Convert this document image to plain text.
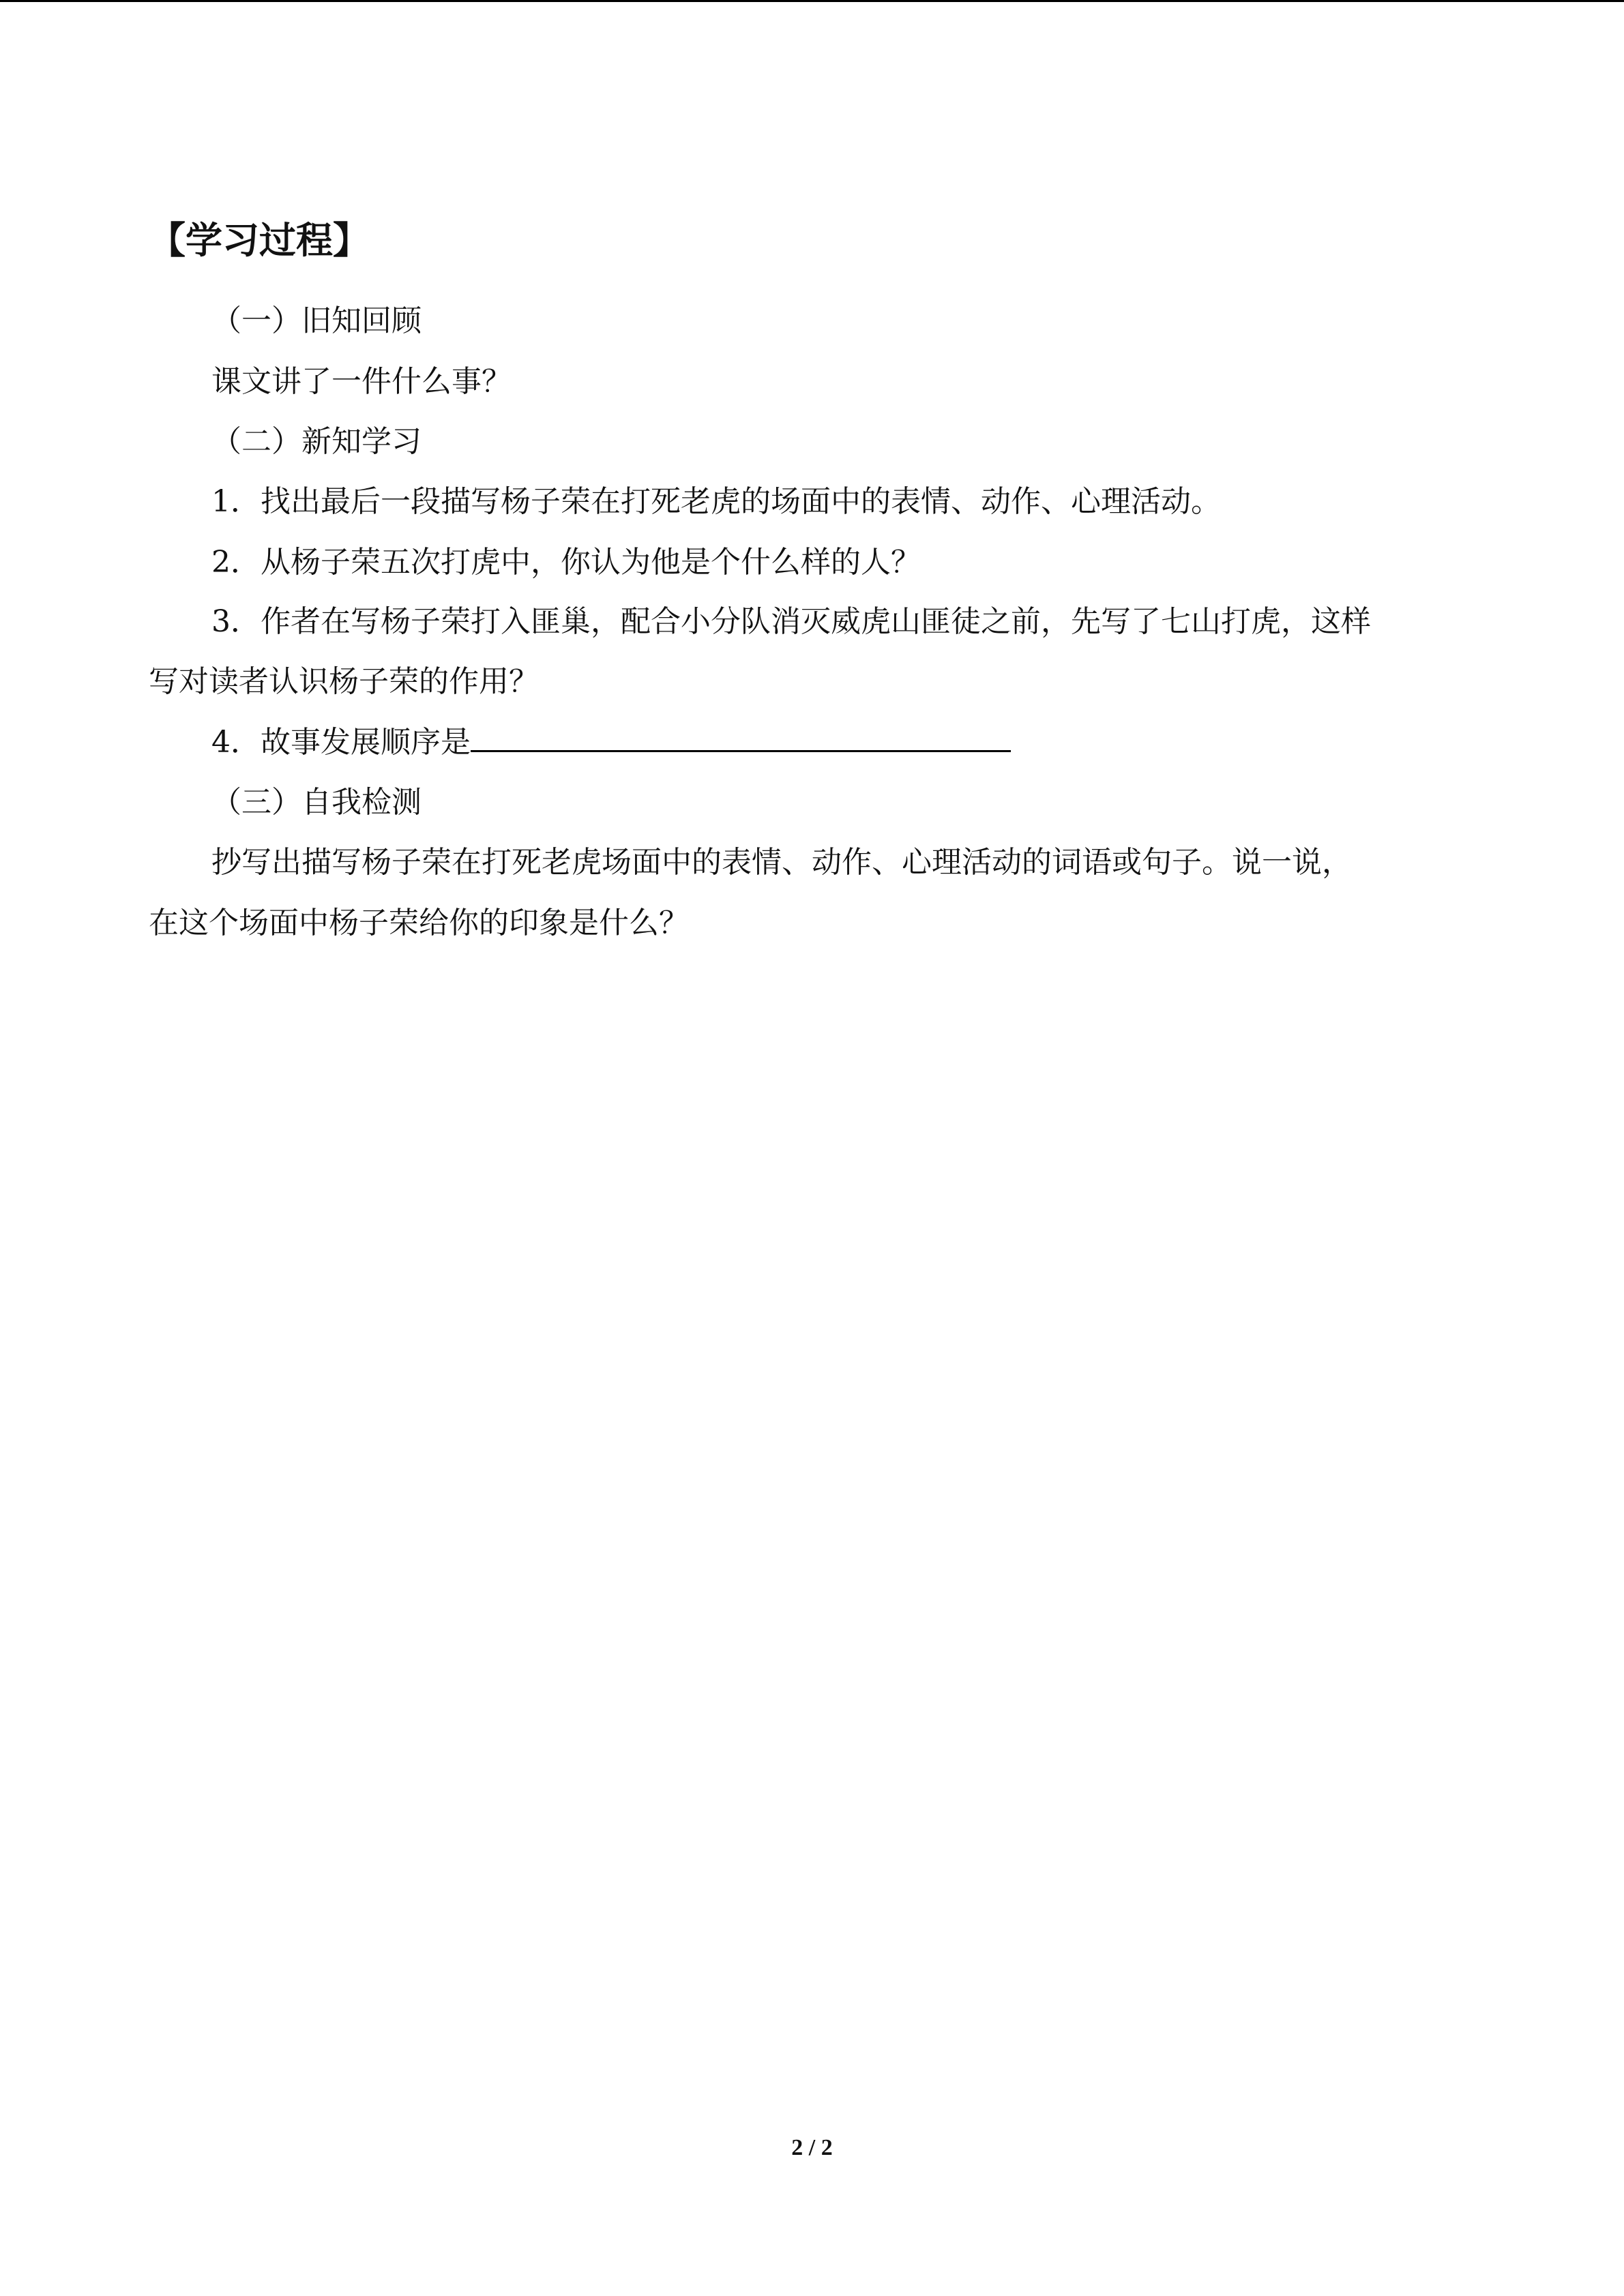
【学习过程】
（一）旧知回顾
课文讲了一件什么事？
（二）新知学习
1．找出最后一段描写杨子荣在打死老虎的场面中的表情、动作、心理活动。
2．从杨子荣五次打虎中，你认为他是个什么样的人？
3．作者在写杨子荣打入匪巢，配合小分队消灭威虎山匪徒之前，先写了七山打虎，这样
写对读者认识杨子荣的作用？
4．故事发展顺序是
（三）自我检测
抄写出描写杨子荣在打死老虎场面中的表情、动作、心理活动的词语或句子。说一说，
在这个场面中杨子荣给你的印象是什么？
2 / 2
